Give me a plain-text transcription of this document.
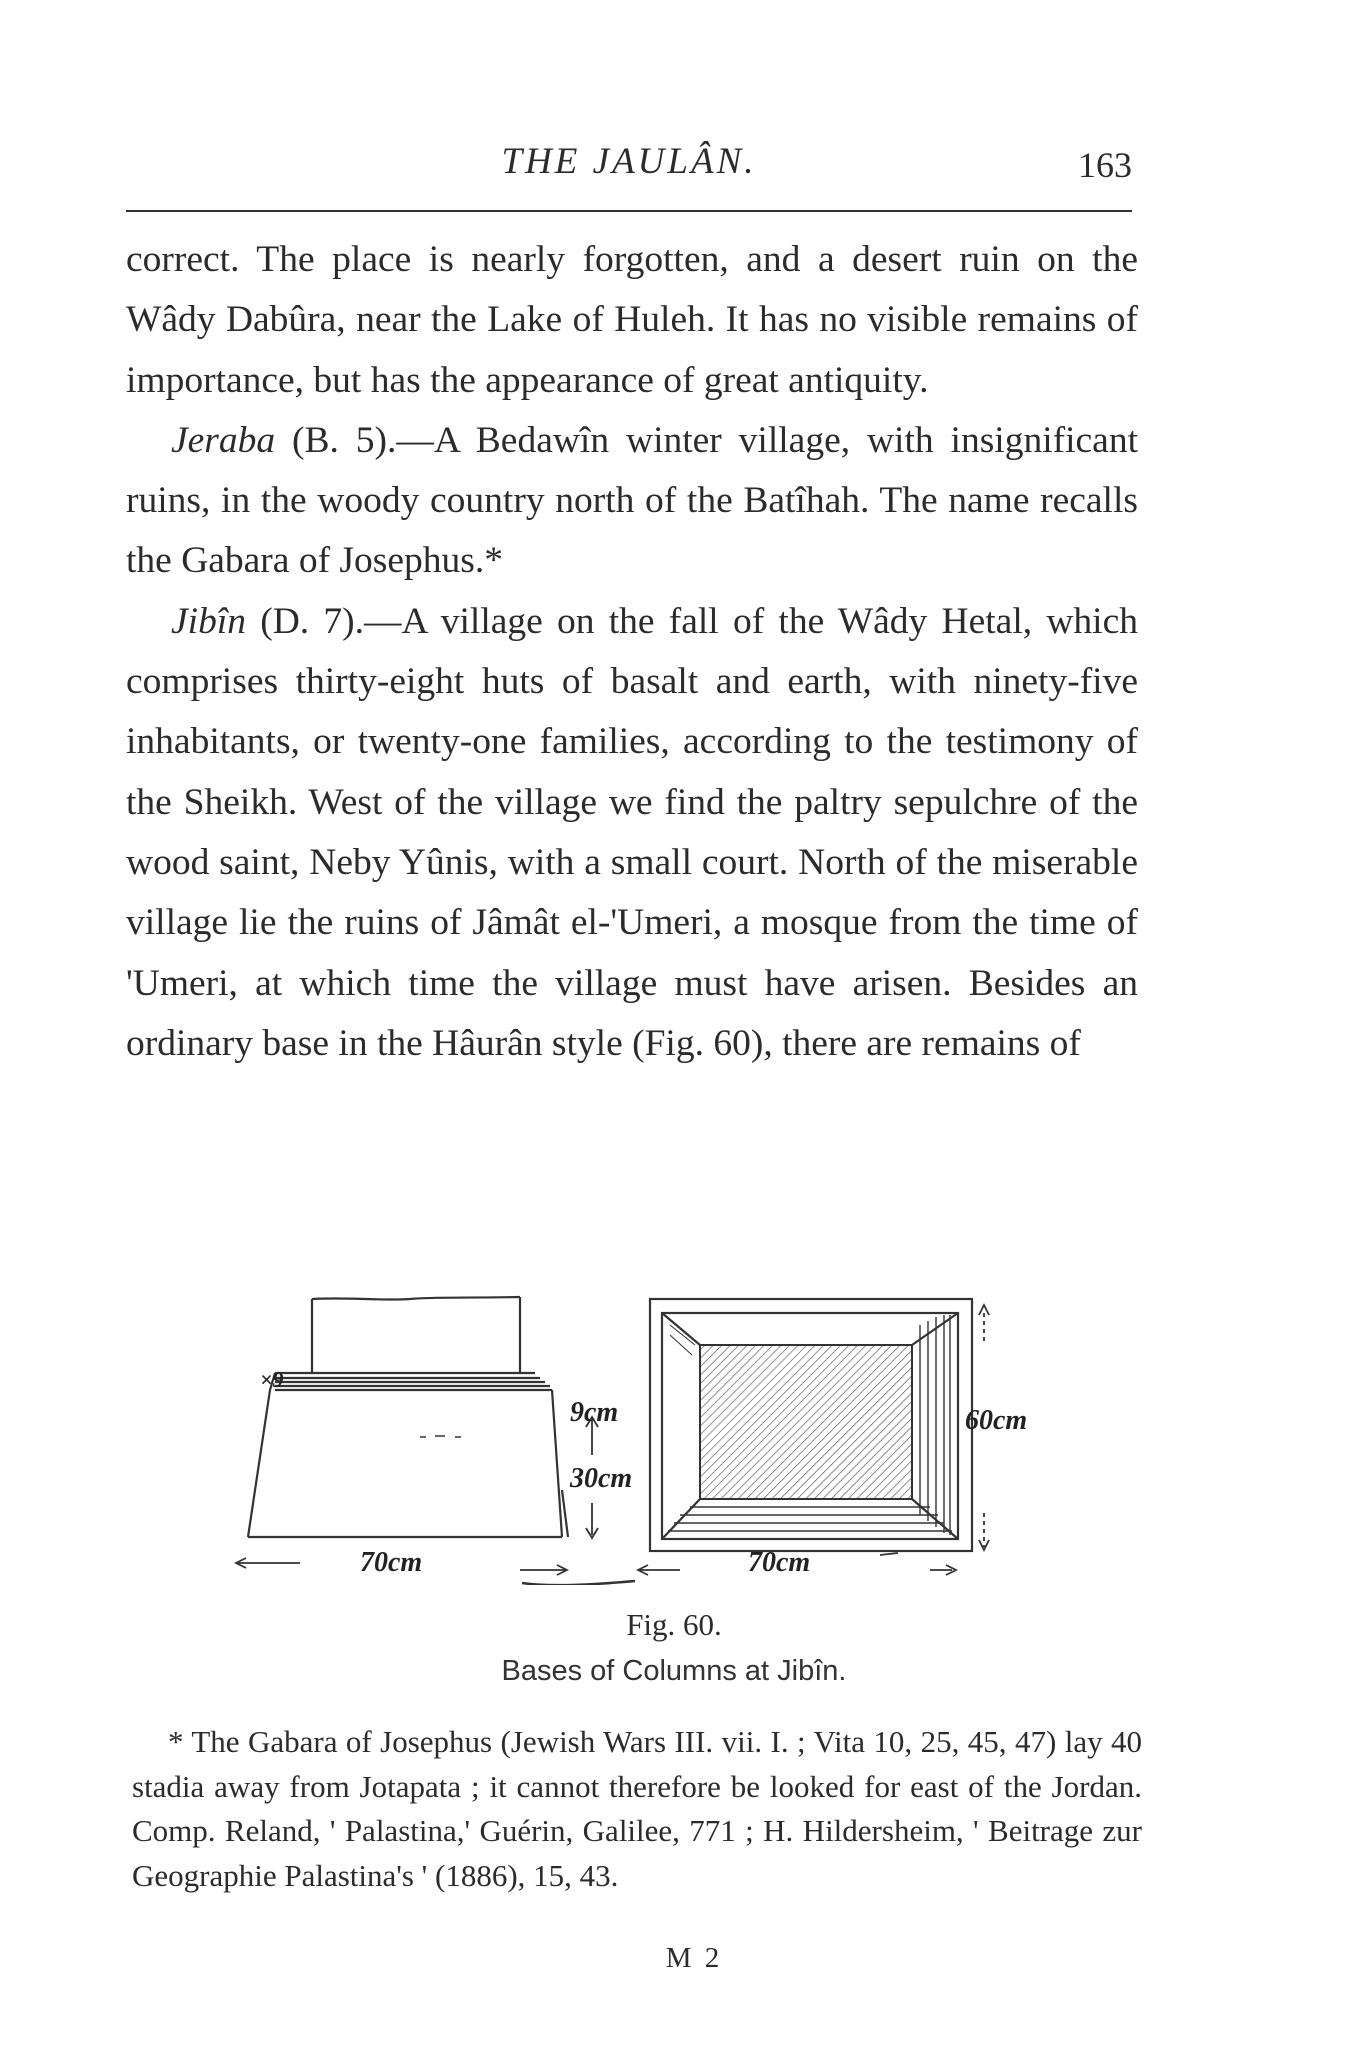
THE JAULÂN.	163

correct. The place is nearly forgotten, and a desert ruin on the Wâdy Dabûra, near the Lake of Huleh. It has no visible remains of importance, but has the appearance of great antiquity.

Jeraba (B. 5).—A Bedawîn winter village, with insignificant ruins, in the woody country north of the Batîhah. The name recalls the Gabara of Josephus.*

Jibîn (D. 7).—A village on the fall of the Wâdy Hetal, which comprises thirty-eight huts of basalt and earth, with ninety-five inhabitants, or twenty-one families, according to the testimony of the Sheikh. West of the village we find the paltry sepulchre of the wood saint, Neby Yûnis, with a small court. North of the miserable village lie the ruins of Jâmât el-'Umeri, a mosque from the time of 'Umeri, at which time the village must have arisen. Besides an ordinary base in the Hâurân style (Fig. 60), there are remains of

×9
9cm
30cm
60cm
70cm	70cm
Fig. 60.
Bases of Columns at Jibîn.

* The Gabara of Josephus (Jewish Wars III. vii. I. ; Vita 10, 25, 45, 47) lay 40 stadia away from Jotapata ; it cannot therefore be looked for east of the Jordan. Comp. Reland, ' Palastina,' Guérin, Galilee, 771 ; H. Hildersheim, ' Beitrage zur Geographie Palastina's ' (1886), 15, 43.

M 2
